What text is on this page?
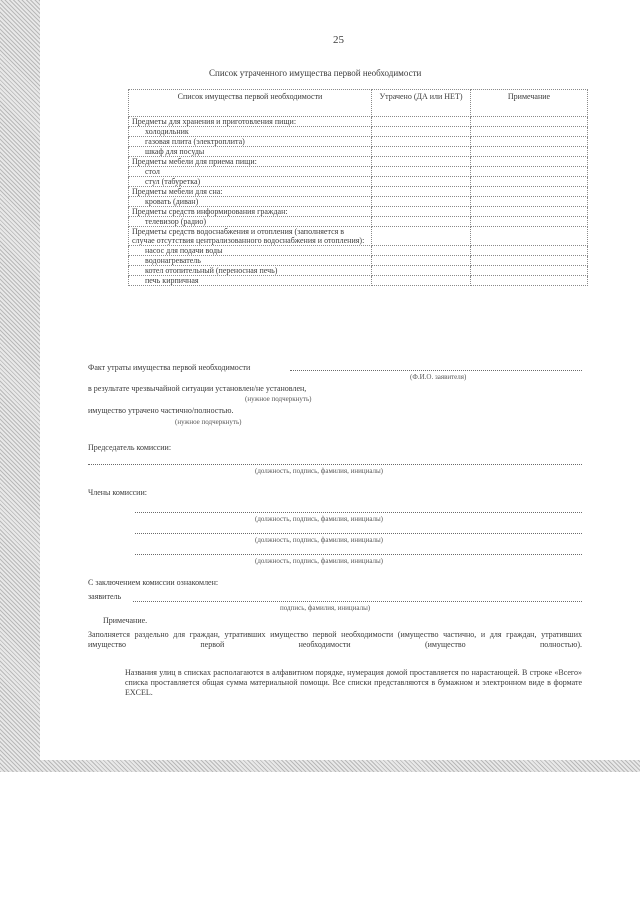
25
Список утраченного имущества первой необходимости
Список имущества первой необходимости	Утрачено (ДА или НЕТ)	Примечание
Предметы для хранения и приготовления пищи:		
холодильник		
газовая плита (электроплита)		
шкаф для посуды		
Предметы мебели для приема пищи:		
стол		
стул (табуретка)		
Предметы мебели для сна:		
кровать (диван)		
Предметы средств информирования граждан:		
телевизор (радио)		
Предметы средств водоснабжения и отопления (заполняется в случае отсутствия централизованного водоснабжения и отопления):		
насос для подачи воды		
водонагреватель		
котел отопительный (переносная печь)		
печь кирпичная		
Факт утраты имущества первой необходимости
(Ф.И.О. заявителя)
в результате чрезвычайной ситуации установлен/не установлен,
(нужное подчеркнуть)
имущество утрачено частично/полностью.
(нужное подчеркнуть)
Председатель комиссии:
(должность, подпись, фамилия, инициалы)
Члены комиссии:
(должность, подпись, фамилия, инициалы)
(должность, подпись, фамилия, инициалы)
(должность, подпись, фамилия, инициалы)
С заключением комиссии ознакомлен:
заявитель
подпись, фамилия, инициалы)
Примечание.
Заполняется раздельно для граждан, утративших имущество первой необходимости (имущество частично, и для граждан, утративших имущество первой необходимости (имущество полностью).
Названия улиц в списках располагаются в алфавитном порядке, нумерация домой проставляется по нарастающей. В строке «Всего» списка проставляется общая сумма материальной помощи. Все списки представляются в бумажном и электронном виде в формате EXCEL.
